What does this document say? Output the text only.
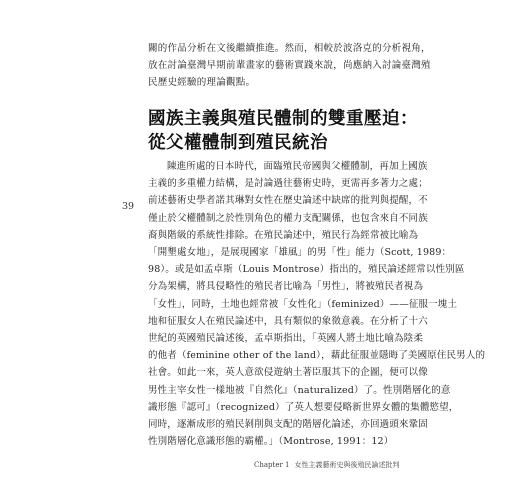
關的作品分析在文後繼續推進。然而，相較於波洛克的分析視角，

放在討論臺灣早期前輩畫家的藝術實踐來說，尚應納入討論臺灣殖

民歷史經驗的理論觀點。

國族主義與殖民體制的雙重壓迫：
從父權體制到殖民統治
39

陳進所處的日本時代，面臨殖民帝國與父權體制，再加上國族

主義的多重權力結構，是討論過往藝術史時，更需再多著力之處；

前述藝術史學者諾其琳對女性在歷史論述中缺席的批判與提醒，不

僅止於父權體制之於性別角色的權力支配關係，也包含來自不同族

裔與階級的系統性排除。在殖民論述中，殖民行為經常被比喻為

「開墾處女地」，是展現國家「雄風」的男「性」能力（Scott, 1989：

98）。或是如孟卓斯（Louis Montrose）指出的，殖民論述經常以性別區

分為架構，將具侵略性的殖民者比喻為「男性」，將被殖民者視為

「女性」，同時，土地也經常被「女性化」（feminized）——征服一塊土

地和征服女人在殖民論述中，具有類似的象徵意義。在分析了十六

世紀的英國殖民論述後，孟卓斯指出，「英國人將土地比喻為陰柔

的他者（feminine other of the land），藉此征服並隱晦了美國原住民男人的

社會。如此一來，英人意欲侵遊納土著臣服其下的企圖，便可以像

男性主宰女性一樣地被『自然化』（naturalized）了。性別階層化的意

識形態『認可』（recognized）了英人想要侵略新世界女體的集體慾望，

同時，逐漸成形的殖民剝削與支配的階層化論述，亦回過頭來鞏固

性別階層化意識形態的霸權。」（Montrose, 1991：12）

Chapter 1 女性主義藝術史與後殖民論述批判
